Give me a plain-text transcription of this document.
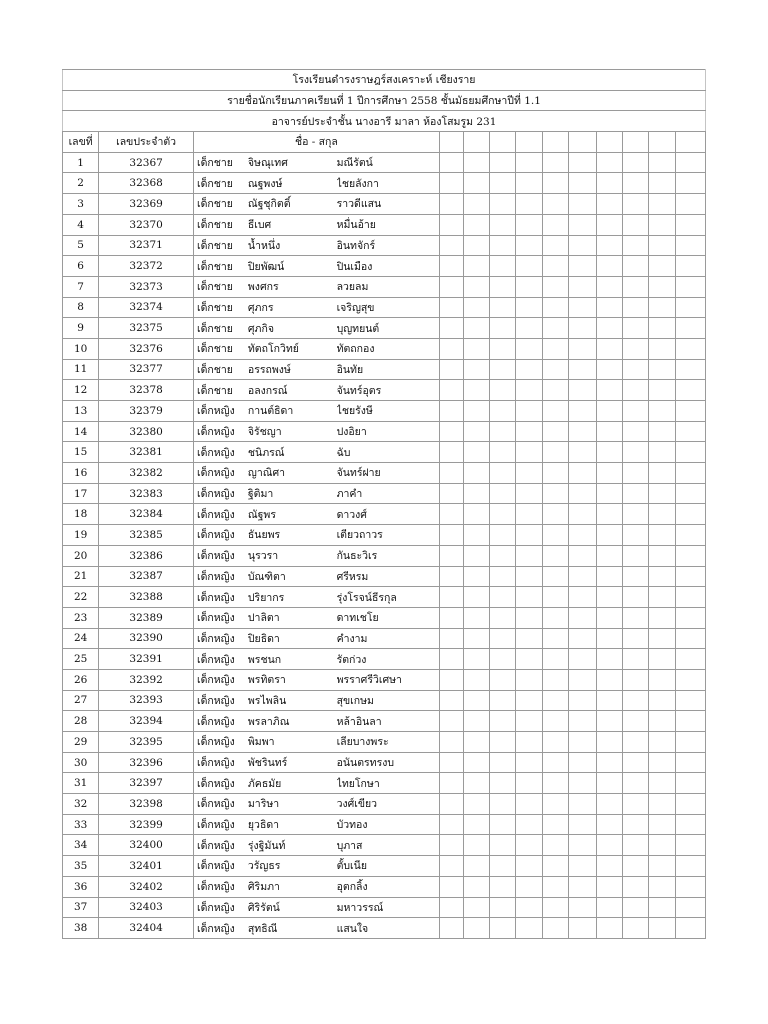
โรงเรียนดำรงราษฎร์สงเคราะห์ เชียงราย														
รายชื่อนักเรียนภาคเรียนที่ 1 ปีการศึกษา 2558 ชั้นมัธยมศึกษาปีที่ 1.1														
อาจารย์ประจำชั้น นางอารี มาลา ห้องโสมรูม 231														
เลขที่	เลขประจำตัว	ชื่อ - สกุล												
1	32367	เด็กชาย	จิษณุเทศ	มณีรัตน์										
2	32368	เด็กชาย	ณฐพงษ์	ไชยลังกา										
3	32369	เด็กชาย	ณัฐชุกิตติ์	ราวดีแสน										
4	32370	เด็กชาย	ธีเบศ	หมื่นอ้าย										
5	32371	เด็กชาย	น้ำหนึ่ง	อินทจักร์										
6	32372	เด็กชาย	ปิยพัฒน์	ปินเมือง										
7	32373	เด็กชาย	พงศกร	ลวยลม										
8	32374	เด็กชาย	ศุภกร	เจริญสุข										
9	32375	เด็กชาย	ศุภกิจ	บุญทยนต์										
10	32376	เด็กชาย	ทัตถโกวิทย์	ทัตถกอง										
11	32377	เด็กชาย	อรรถพงษ์	อินทัย										
12	32378	เด็กชาย	อลงกรณ์	จันทร์อุตร										
13	32379	เด็กหญิง	กานต์ธิดา	ไชยรังษี										
14	32380	เด็กหญิง	จิรัชญา	ปงอิยา										
15	32381	เด็กหญิง	ชนิภรณ์	ฉับ										
16	32382	เด็กหญิง	ญาณิศา	จันทร์ฝาย										
17	32383	เด็กหญิง	ฐิติมา	ภาคำ										
18	32384	เด็กหญิง	ณัฐพร	ดาวงศ์										
19	32385	เด็กหญิง	ธันยพร	เตียวถาวร										
20	32386	เด็กหญิง	นุรวรา	กันธะวิเร										
21	32387	เด็กหญิง	บัณฑิตา	ศรีหรม										
22	32388	เด็กหญิง	ปริยากร	รุ่งโรจน์ธีรกุล										
23	32389	เด็กหญิง	ปาลิตา	ดาทเชโย										
24	32390	เด็กหญิง	ปิยธิดา	คำงาม										
25	32391	เด็กหญิง	พรชนก	รัตก่วง										
26	32392	เด็กหญิง	พรทิตรา	พรราศรีวิเศษา										
27	32393	เด็กหญิง	พรไพลิน	สุขเกษม										
28	32394	เด็กหญิง	พรลาภิณ	หล้าอินลา										
29	32395	เด็กหญิง	พิมพา	เลียบางพระ										
30	32396	เด็กหญิง	พัชรินทร์	อนันตรทรงบ										
31	32397	เด็กหญิง	ภัคธมัย	ไทยโกษา										
32	32398	เด็กหญิง	มาริษา	วงศ์เขียว										
33	32399	เด็กหญิง	ยุวธิดา	บัวทอง										
34	32400	เด็กหญิง	รุ่งฐิมันท์	บุภาส										
35	32401	เด็กหญิง	วรัญธร	ตั้บเนีย										
36	32402	เด็กหญิง	ศิริมภา	อุตกลิ้ง										
37	32403	เด็กหญิง	ศิริรัตน์	มหาวรรณ์										
38	32404	เด็กหญิง	สุทธิณี	แสนใจ										
